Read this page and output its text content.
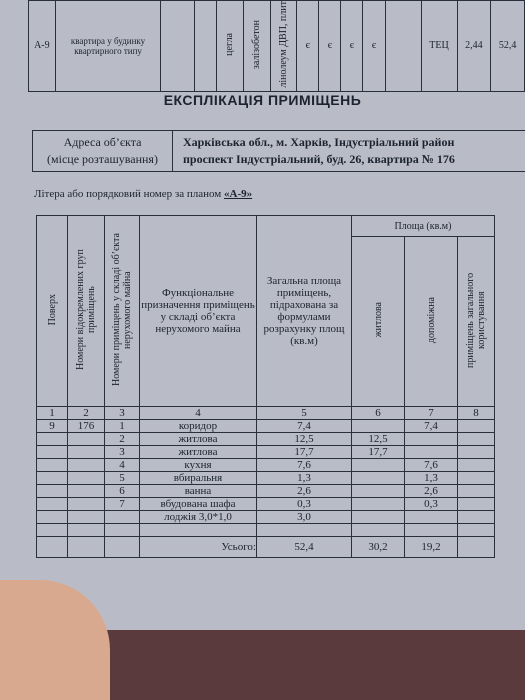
А-9	квартира у будинку квартирного типу			цегла	залізобетон	лінолеум ДВП, плит	є	є	є	є		ТЕЦ	2,44	52,4
ЕКСПЛІКАЦІЯ ПРИМІЩЕНЬ
Адреса об’єкта
(місце розташування)
Харківська обл., м. Харків, Індустріальний район
проспект Індустріальний, буд. 26, квартира № 176
Літера або порядковий номер за планом «А-9»
Поверх	Номери відокремлених груп приміщень	Номери приміщень у складі об’єкта нерухомого майна	Функціональне призначення приміщень у складі об’єкта нерухомого майна	Загальна площа приміщень, підрахована за формулами розрахунку площ (кв.м)	Площа (кв.м)		
					житлова	допоміжна	приміщень загального користування
1	2	3	4	5	6	7	8
9	176	1	коридор	7,4		7,4	
		2	житлова	12,5	12,5		
		3	житлова	17,7	17,7		
		4	кухня	7,6		7,6	
		5	вбиральня	1,3		1,3	
		6	ванна	2,6		2,6	
		7	вбудована шафа	0,3		0,3	
			лоджія 3,0*1,0	3,0			

			Усього:	52,4	30,2	19,2	
